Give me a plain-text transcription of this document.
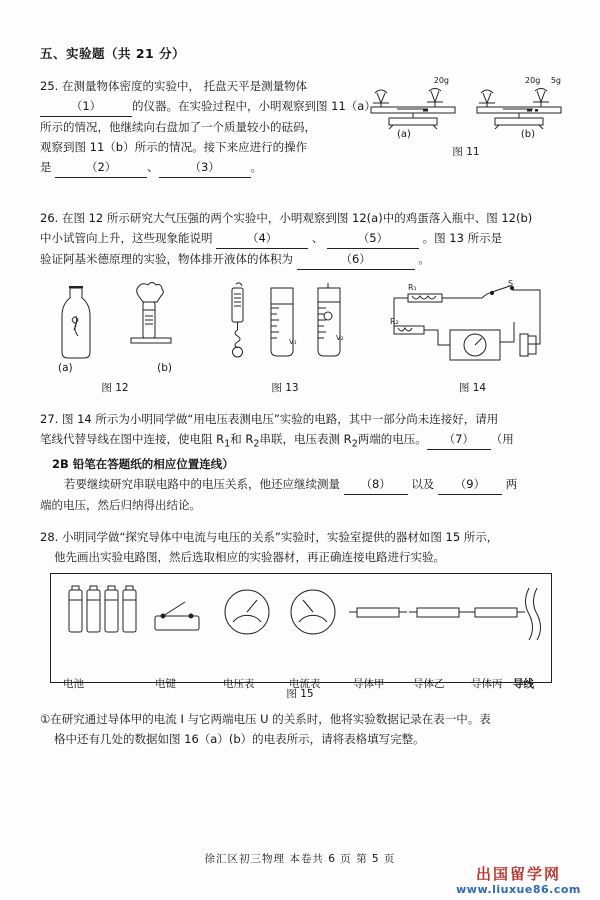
五、实验题（共 21 分）
20g	20g 5g
(a)	(b)
图 11
25. 在测量物体密度的实验中， 托盘天平是测量物体
（1）	的仪器。在实验过程中，小明观察到图 11（a）
所示的情况，他继续向右盘加了一个质量较小的砝码，
观察到图 11（b）所示的情况。接下来应进行的操作
是	（2）	、	（3）	。
26. 在图 12 所示研究大气压强的两个实验中，小明观察到图 12(a)中的鸡蛋落入瓶中、图 12(b)
中小试管向上升，这些现象能说明	（4）	、	（5）	。图 13 所示是
验证阿基米德原理的实验，物体排开液体的体积为	（6）	。
(a)	(b)
图 12
V₁	V₂
图 13
R₁
R₂
S
图 14
27. 图 14 所示为小明同学做“用电压表测电压”实验的电路，其中一部分尚未连接好，请用
笔线代替导线在图中连接，使电阻 $R_1$和 $R_2$串联，电压表测 $R_2$两端的电压。 （7） （用
2B 铅笔在答题纸的相应位置连线）
若要继续研究串联电路中的电压关系，他还应继续测量 （8） 以及 （9） 两
端的电压，然后归纳得出结论。
28. 小明同学做“探究导体中电流与电压的关系”实验时，实验室提供的器材如图 15 所示，
他先画出实验电路图，然后选取相应的实验器材，再正确连接电路进行实验。
电池	电键	电压表	电流表	导体甲	导体乙	导体丙 导线
图 15
①在研究通过导体甲的电流 I 与它两端电压 U 的关系时，他将实验数据记录在表一中。表
格中还有几处的数据如图 16（a）(b）的电表所示，请将表格填写完整。
徐汇区初三物理 本卷共 6 页 第 5 页
出国留学网
www.liuxue86.com
